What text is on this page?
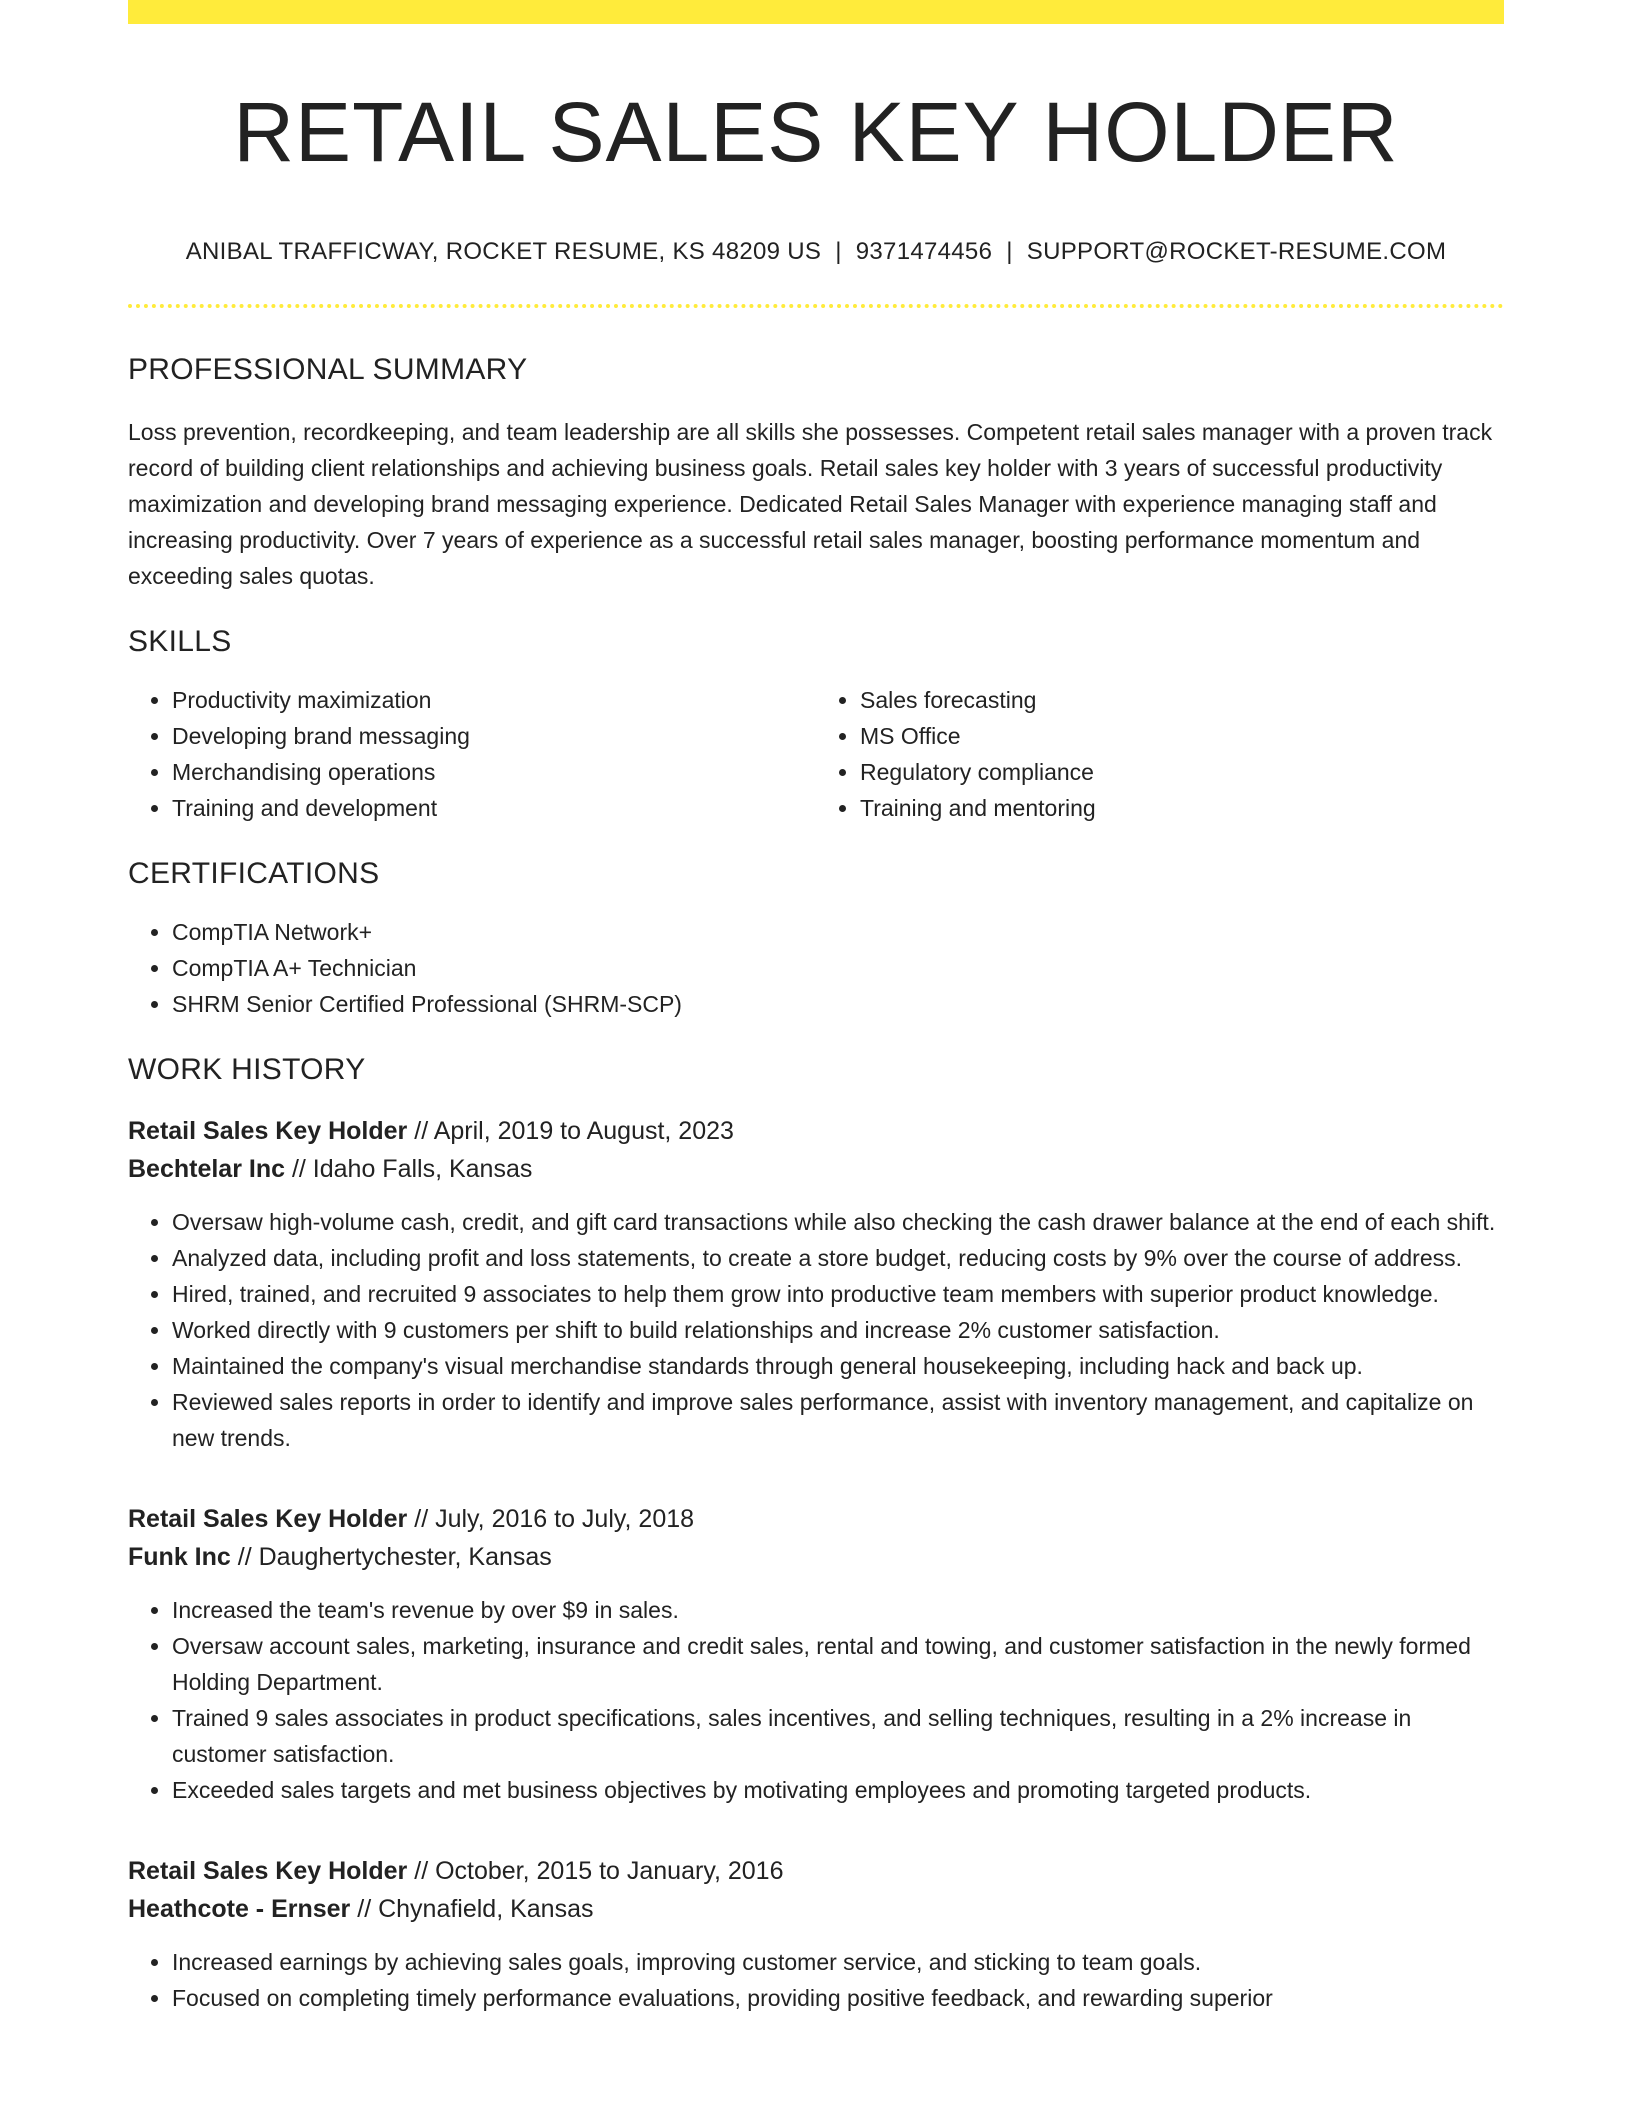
RETAIL SALES KEY HOLDER
ANIBAL TRAFFICWAY, ROCKET RESUME, KS 48209 US | 9371474456 | SUPPORT@ROCKET-RESUME.COM
PROFESSIONAL SUMMARY

Loss prevention, recordkeeping, and team leadership are all skills she possesses. Competent retail sales manager with a proven track record of building client relationships and achieving business goals. Retail sales key holder with 3 years of successful productivity maximization and developing brand messaging experience. Dedicated Retail Sales Manager with experience managing staff and increasing productivity. Over 7 years of experience as a successful retail sales manager, boosting performance momentum and exceeding sales quotas.

SKILLS
• Productivity maximization
• Developing brand messaging
• Merchandising operations
• Training and development
• Sales forecasting
• MS Office
• Regulatory compliance
• Training and mentoring
CERTIFICATIONS
• CompTIA Network+
• CompTIA A+ Technician
• SHRM Senior Certified Professional (SHRM-SCP)
WORK HISTORY
Retail Sales Key Holder // April, 2019 to August, 2023
Bechtelar Inc // Idaho Falls, Kansas
• Oversaw high-volume cash, credit, and gift card transactions while also checking the cash drawer balance at the end of each shift.
• Analyzed data, including profit and loss statements, to create a store budget, reducing costs by 9% over the course of address.
• Hired, trained, and recruited 9 associates to help them grow into productive team members with superior product knowledge.
• Worked directly with 9 customers per shift to build relationships and increase 2% customer satisfaction.
• Maintained the company's visual merchandise standards through general housekeeping, including hack and back up.
• Reviewed sales reports in order to identify and improve sales performance, assist with inventory management, and capitalize on new trends.
Retail Sales Key Holder // July, 2016 to July, 2018
Funk Inc // Daughertychester, Kansas
• Increased the team's revenue by over $9 in sales.
• Oversaw account sales, marketing, insurance and credit sales, rental and towing, and customer satisfaction in the newly formed Holding Department.
• Trained 9 sales associates in product specifications, sales incentives, and selling techniques, resulting in a 2% increase in customer satisfaction.
• Exceeded sales targets and met business objectives by motivating employees and promoting targeted products.
Retail Sales Key Holder // October, 2015 to January, 2016
Heathcote - Ernser // Chynafield, Kansas
• Increased earnings by achieving sales goals, improving customer service, and sticking to team goals.
• Focused on completing timely performance evaluations, providing positive feedback, and rewarding superior
